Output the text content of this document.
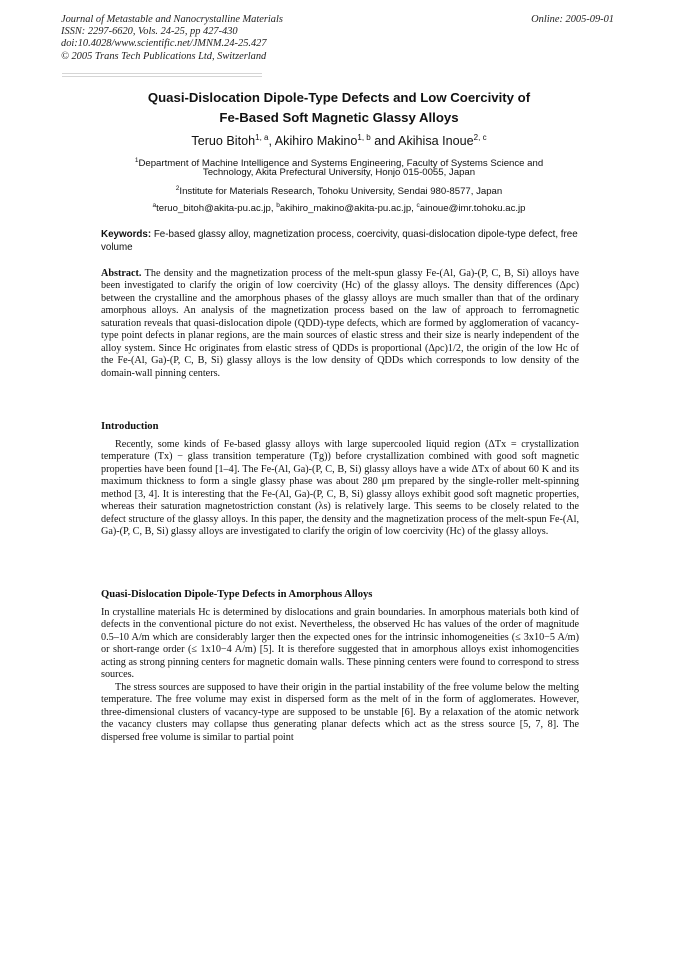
Journal of Metastable and Nanocrystalline Materials
ISSN: 2297-6620, Vols. 24-25, pp 427-430
doi:10.4028/www.scientific.net/JMNM.24-25.427
© 2005 Trans Tech Publications Ltd, Switzerland
Online: 2005-09-01
Quasi-Dislocation Dipole-Type Defects and Low Coercivity of
Fe-Based Soft Magnetic Glassy Alloys
Teruo Bitoh$^{1, a}$, Akihiro Makino$^{1, b}$ and Akihisa Inoue$^{2, c}$
$^1$Department of Machine Intelligence and Systems Engineering, Faculty of Systems Science and
Technology, Akita Prefectural University, Honjo 015-0055, Japan
$^2$Institute for Materials Research, Tohoku University, Sendai 980-8577, Japan
$^a$teruo_bitoh@akita-pu.ac.jp, $^b$akihiro_makino@akita-pu.ac.jp, $^c$ainoue@imr.tohoku.ac.jp
Keywords: Fe-based glassy alloy, magnetization process, coercivity, quasi-dislocation dipole-type defect, free volume

Abstract. The density and the magnetization process of the melt-spun glassy Fe-(Al, Ga)-(P, C, B, Si) alloys have been investigated to clarify the origin of low coercivity (Hc) of the glassy alloys. The density differences (Δρc) between the crystalline and the amorphous phases of the glassy alloys are much smaller than that of the ordinary amorphous alloys. An analysis of the magnetization process based on the law of approach to ferromagnetic saturation reveals that quasi-dislocation dipole (QDD)-type defects, which are formed by agglomeration of vacancy-type point defects in planar regions, are the main sources of elastic stress and their size is nearly independent of the alloy system. Since Hc originates from elastic stress of QDDs is proportional (Δρc)1/2, the origin of the low Hc of the Fe-(Al, Ga)-(P, C, B, Si) glassy alloys is the low density of QDDs which corresponds to low density of the domain-wall pinning centers.

Introduction

Recently, some kinds of Fe-based glassy alloys with large supercooled liquid region (ΔTx = crystallization temperature (Tx) − glass transition temperature (Tg)) before crystallization combined with good soft magnetic properties have been found [1–4]. The Fe-(Al, Ga)-(P, C, B, Si) glassy alloys have a wide ΔTx of about 60 K and its maximum thickness to form a single glassy phase was about 280 μm prepared by the single-roller melt-spinning method [3, 4]. It is interesting that the Fe-(Al, Ga)-(P, C, B, Si) glassy alloys exhibit good soft magnetic properties, whereas their saturation magnetostriction constant (λs) is relatively large. This seems to be closely related to the defect structure of the glassy alloys. In this paper, the density and the magnetization process of the melt-spun Fe-(Al, Ga)-(P, C, B, Si) glassy alloys are investigated to clarify the origin of low coercivity (Hc) of the glassy alloys.

Quasi-Dislocation Dipole-Type Defects in Amorphous Alloys

In crystalline materials Hc is determined by dislocations and grain boundaries. In amorphous materials both kind of defects in the conventional picture do not exist. Nevertheless, the observed Hc has values of the order of magnitude 0.5–10 A/m which are considerably larger then the expected ones for the intrinsic inhomogeneities (≤ 3x10−5 A/m) or short-range order (≤ 1x10−4 A/m) [5]. It is therefore suggested that in amorphous alloys exist inhomogencities acting as strong pinning centers for magnetic domain walls. These pinning centers were found to correspond to stress sources.

The stress sources are supposed to have their origin in the partial instability of the free volume below the melting temperature. The free volume may exist in dispersed form as the melt of in the form of agglomerates. However, three-dimensional clusters of vacancy-type are supposed to be unstable [6]. By a relaxation of the atomic network the vacancy clusters may collapse thus generating planar defects which act as the stress source [5, 7, 8]. The dispersed free volume is similar to partial point
